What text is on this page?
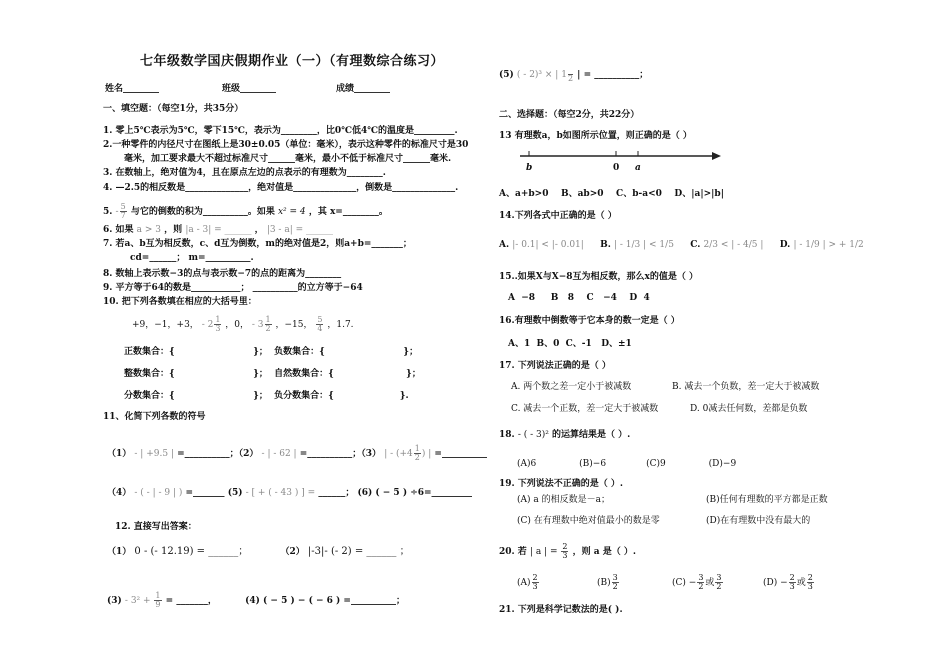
七年级数学国庆假期作业（一）（有理数综合练习）
姓名________	班级________	成绩________
一、填空题：（每空1分，共35分）
1. 零上5℃表示为5℃，零下15℃，表示为________，比0℃低4℃的温度是_________.
2.一种零件的内径尺寸在图纸上是30±0.05（单位：毫米），表示这种零件的标准尺寸是30
毫米，加工要求最大不超过标准尺寸______毫米，最小不低于标准尺寸______毫米.
3. 在数轴上，绝对值为4，且在原点左边的点表示的有理数为________.
4. —2.5的相反数是______________，绝对值是______________，倒数是______________.
5. - $\frac{5}{7}$ 与它的倒数的积为__________。如果 x² = 4 ，其 x=________。
6. 如果 a > 3 ，则 |a - 3| = ______ ， |3 - a| = ______
7. 若a、b互为相反数，c、d互为倒数，m的绝对值是2，则a+b=_______；
cd=______； m=__________.
8. 数轴上表示数−3的点与表示数−7的点的距离为________
9. 平方等于64的数是___________； __________的立方等于−64
10. 把下列各数填在相应的大括号里：
+9，−1，+3， - $2 \frac{1}{3}$ ，0， - $3 \frac{1}{2}$ ，−15， $\frac{5}{4}$ ，1.7.
正数集合：{                         }；  负数集合：{                         }；
整数集合：{                         }；  自然数集合：{                       }；
分数集合：{                         }；  负分数集合：{                     }.
11、化简下列各数的符号
（1） - | +9.5 | =__________；（2） - | - 62 | =__________；（3） | - ($+4 \frac{1}{2}$ ) | =__________
（4） - ( - | - 9 | ) =_______ (5) - [ + ( - 43 ) ] = ______； (6) ( − 5 ) ÷6=_________
12. 直接写出答案：
（1） 0 - (- 12.19) = ______；	（2） |-3|- (- 2) = ______ ；
$(3) - 3^2 + \frac{1}{9}$ = _______，	(4) ( − 5 ) − ( − 6 ) =__________；
(5) ( - 2)³ × | 1
2 | = __________；
二、选择题：（每空2分，共22分）
13 有理数a，b如图所示位置，则正确的是（ ）
b	0 a
A、a+b>0    B、ab>0    C、b-a<0    D、|a|>|b|
14.下列各式中正确的是（ ）
A. |- 0.1| < |- 0.01| B. | - 1/3 | < 1/5 C. 2/3 < | - 4/5 | D. | - 1/9 | > + 1/2
15..如果X与X−8互为相反数，那么x的值是（ ）
A  −8     B   8    C   −4    D  4
16.有理数中倒数等于它本身的数一定是（ ）
A、1  B、0  C、-1   D、±1
17. 下列说法正确的是（ ）
A. 两个数之差一定小于被减数	B. 减去一个负数，差一定大于被减数
C. 减去一个正数，差一定大于被减数	D. 0减去任何数，差都是负数
18. - ( - 3)² 的运算结果是（ ）.
(A)6               (B)−6              (C)9               (D)−9
19. 下列说法不正确的是（ ）.
(A) a 的相反数是－a；	(B)任何有理数的平方都是正数
(C) 在有理数中绝对值最小的数是零	(D)在有理数中没有最大的
20. 若 | a | = $\frac{2}{3}$ ，则 a 是（ ）.
$(A) \frac{2}{3}$	$(B) \frac{3}{2}$	$(C) - \frac{3}{2}$ 或 $\frac{3}{2}$	$(D) - \frac{2}{3}$ 或 $\frac{2}{3}$
21. 下列是科学记数法的是( ).
